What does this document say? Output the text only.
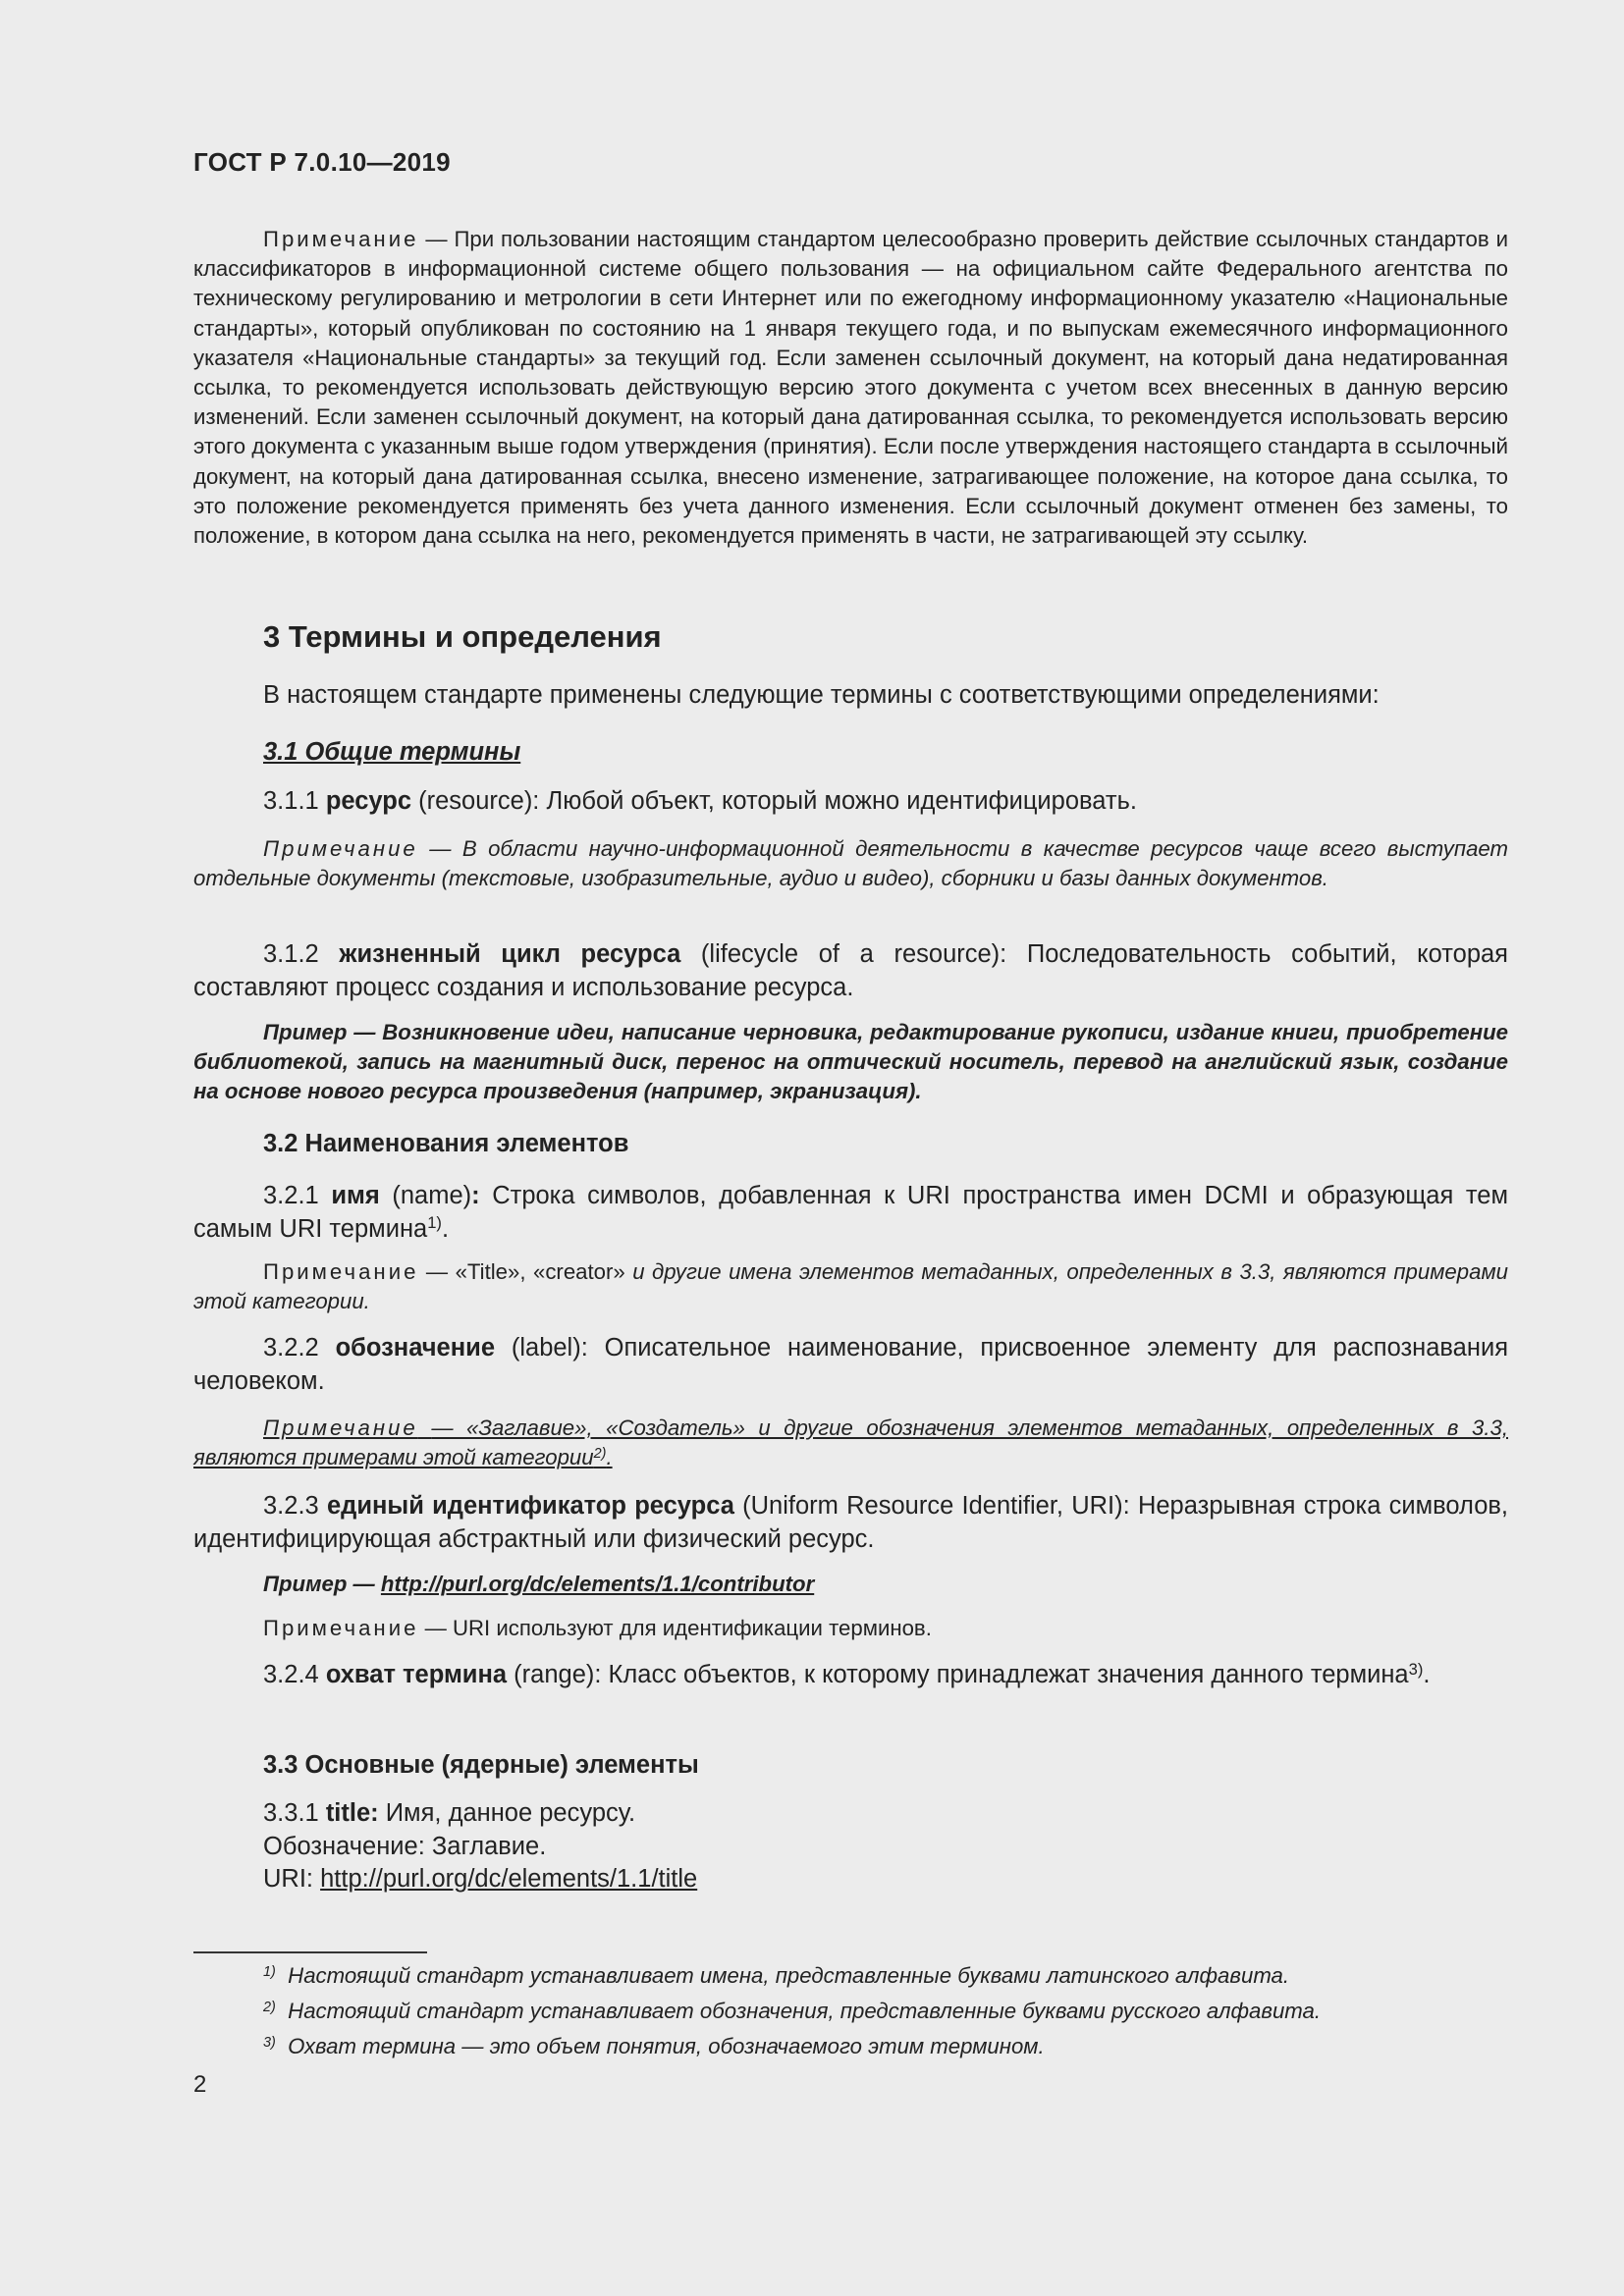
ГОСТ Р 7.0.10—2019
Примечание — При пользовании настоящим стандартом целесообразно проверить действие ссылочных стандартов и классификаторов в информационной системе общего пользования — на официальном сайте Федерального агентства по техническому регулированию и метрологии в сети Интернет или по ежегодному информационному указателю «Национальные стандарты», который опубликован по состоянию на 1 января текущего года, и по выпускам ежемесячного информационного указателя «Национальные стандарты» за текущий год. Если заменен ссылочный документ, на который дана недатированная ссылка, то рекомендуется использовать действующую версию этого документа с учетом всех внесенных в данную версию изменений. Если заменен ссылочный документ, на который дана датированная ссылка, то рекомендуется использовать версию этого документа с указанным выше годом утверждения (принятия). Если после утверждения настоящего стандарта в ссылочный документ, на который дана датированная ссылка, внесено изменение, затрагивающее положение, на которое дана ссылка, то это положение рекомендуется применять без учета данного изменения. Если ссылочный документ отменен без замены, то положение, в котором дана ссылка на него, рекомендуется применять в части, не затрагивающей эту ссылку.
3 Термины и определения
В настоящем стандарте применены следующие термины с соответствующими определениями:
3.1 Общие термины
3.1.1 ресурс (resource): Любой объект, который можно идентифицировать.
Примечание — В области научно-информационной деятельности в качестве ресурсов чаще всего выступает отдельные документы (текстовые, изобразительные, аудио и видео), сборники и базы данных документов.
3.1.2 жизненный цикл ресурса (lifecycle of a resource): Последовательность событий, которая составляют процесс создания и использование ресурса.
Пример — Возникновение идеи, написание черновика, редактирование рукописи, издание книги, приобретение библиотекой, запись на магнитный диск, перенос на оптический носитель, перевод на английский язык, создание на основе нового ресурса произведения (например, экранизация).
3.2 Наименования элементов
3.2.1 имя (name): Строка символов, добавленная к URI пространства имен DCMI и образующая тем самым URI термина$^{1)}$.
Примечание — «Title», «creator» и другие имена элементов метаданных, определенных в 3.3, являются примерами этой категории.
3.2.2 обозначение (label): Описательное наименование, присвоенное элементу для распознавания человеком.
Примечание — «Заглавие», «Создатель» и другие обозначения элементов метаданных, определенных в 3.3, являются примерами этой категории$^{2)}$.
3.2.3 единый идентификатор ресурса (Uniform Resource Identifier, URI): Неразрывная строка символов, идентифицирующая абстрактный или физический ресурс.
Пример — http://purl.org/dc/elements/1.1/contributor
Примечание — URI используют для идентификации терминов.
3.2.4 охват термина (range): Класс объектов, к которому принадлежат значения данного термина$^{3)}$.
3.3 Основные (ядерные) элементы
3.3.1 title: Имя, данное ресурсу.
Обозначение: Заглавие.
URI: http://purl.org/dc/elements/1.1/title
$^{1)}$ Настоящий стандарт устанавливает имена, представленные буквами латинского алфавита.
$^{2)}$ Настоящий стандарт устанавливает обозначения, представленные буквами русского алфавита.
$^{3)}$ Охват термина — это объем понятия, обозначаемого этим термином.
2
